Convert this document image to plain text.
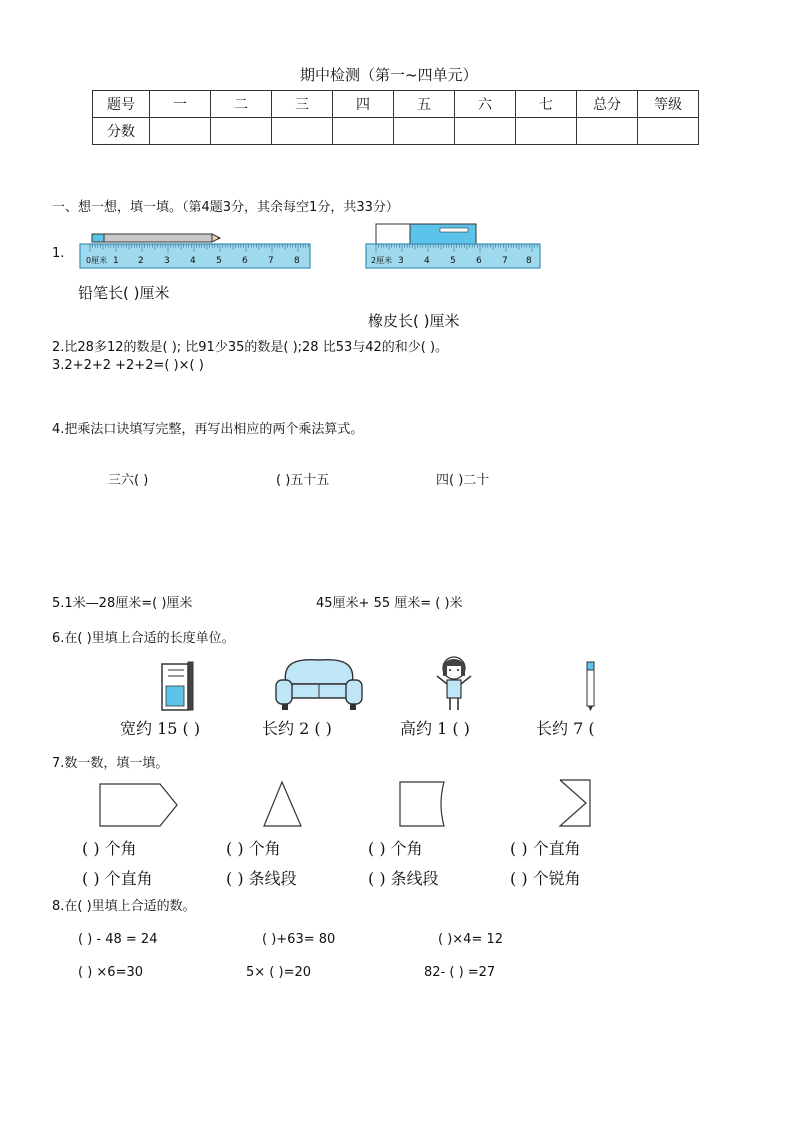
期中检测（第一~四单元）
题号	一	二	三	四	五	六	七	总分	等级
分数									
一、想一想，填一填。（第4题3分，其余每空1分，共33分）
1.	0厘米 1 2 3 4 5 6 7 8	2厘米 3 4 5 6 7 8
铅笔长( )厘米
橡皮长( )厘米
2.比28多12的数是( ); 比91少35的数是( );28 比53与42的和少( )。
3.2+2+2 +2+2=( )×( )
4.把乘法口诀填写完整，再写出相应的两个乘法算式。
三六( )	( )五十五	四( )二十
5.1米—28厘米=( )厘米	45厘米+ 55 厘米= ( )米
6.在( )里填上合适的长度单位。
宽约 15 ( )	长约 2 ( )	高约 1 ( )	长约 7 (
7.数一数，填一填。
( ) 个角	( ) 个角	( ) 个角	( ) 个直角
( ) 个直角	( ) 条线段	( ) 条线段	( ) 个锐角
8.在( )里填上合适的数。
( ) - 48 = 24	( )+63= 80	( )×4= 12
( ) ×6=30	5× ( )=20	82- ( ) =27
